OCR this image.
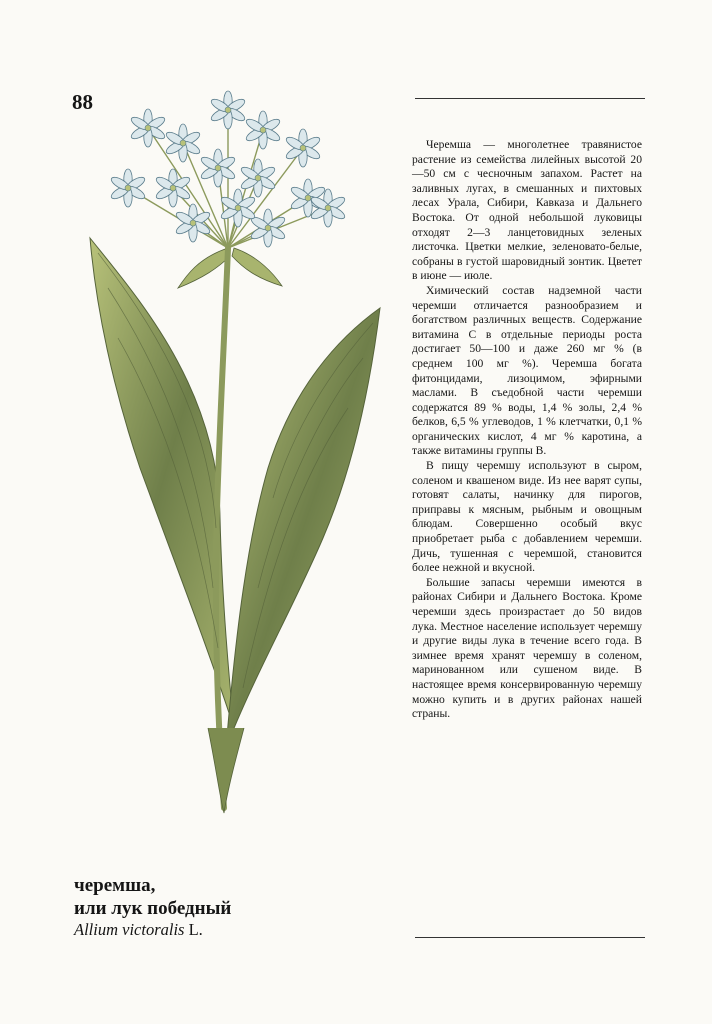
88

Черемша — многолетнее травянистое растение из семейства лилейных высотой 20—50 см с чесночным запахом. Растет на заливных лугах, в смешанных и пихтовых лесах Урала, Сибири, Кавказа и Дальнего Востока. От одной небольшой луковицы отходят 2—3 ланцетовидных зеленых листочка. Цветки мелкие, зеленовато-белые, собраны в густой шаровидный зонтик. Цветет в июне — июле.

Химический состав надземной части черемши отличается разнообразием и богатством различных веществ. Содержание витамина С в отдельные периоды роста достигает 50—100 и даже 260 мг % (в среднем 100 мг %). Черемша богата фитонцидами, лизоцимом, эфирными маслами. В съедобной части черемши содержатся 89 % воды, 1,4 % золы, 2,4 % белков, 6,5 % углеводов, 1 % клетчатки, 0,1 % органических кислот, 4 мг % каротина, а также витамины группы В.

В пищу черемшу используют в сыром, соленом и квашеном виде. Из нее варят супы, готовят салаты, начинку для пирогов, приправы к мясным, рыбным и овощным блюдам. Совершенно особый вкус приобретает рыба с добавлением черемши. Дичь, тушенная с черемшой, становится более нежной и вкусной.

Большие запасы черемши имеются в районах Сибири и Дальнего Востока. Кроме черемши здесь произрастает до 50 видов лука. Местное население использует черемшу и другие виды лука в течение всего года. В зимнее время хранят черемшу в соленом, маринованном или сушеном виде. В настоящее время консервированную черемшу можно купить и в других районах нашей страны.

черемша,
или лук победный
Allium victoralis L.
